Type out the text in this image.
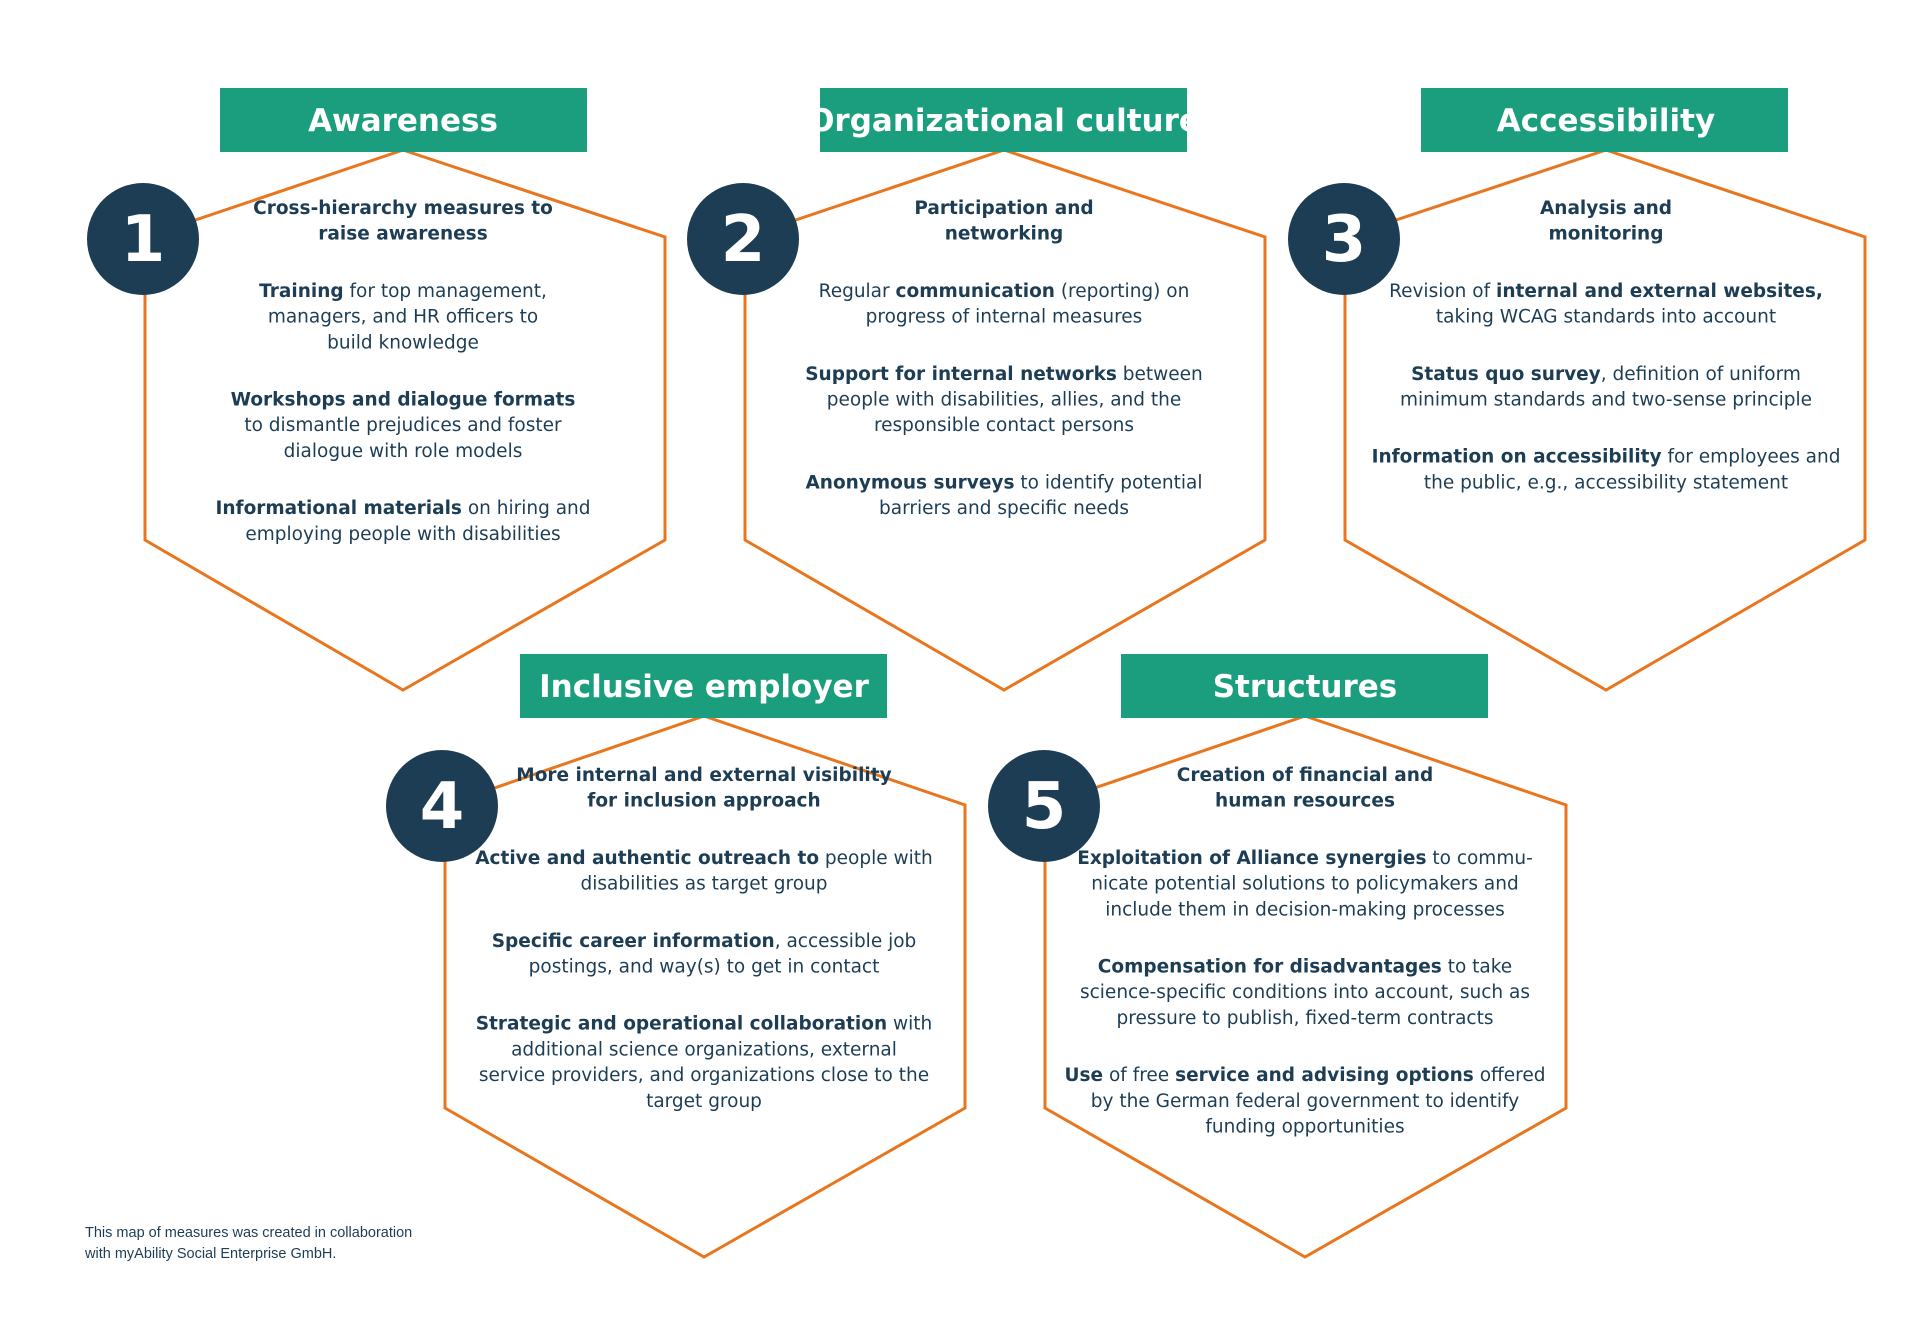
Awareness
1	Cross-hierarchy measures to raise awareness Training for top management, managers, and HR officers to build knowledge Workshops and dialogue formats to dismantle prejudices and foster dialogue with role models Informational materials on hiring and employing people with disabilities
Organizational culture
2	Participation and networking Regular communication (reporting) on progress of internal measures Support for internal networks between people with disabilities, allies, and the responsible contact persons Anonymous surveys to identify potential barriers and specific needs
Accessibility
3	Analysis and monitoring Revision of internal and external websites, taking WCAG standards into account Status quo survey, definition of uniform minimum standards and two-sense principle Information on accessibility for employees and the public, e.g., accessibility statement
Inclusive employer
4	More internal and external visibility for inclusion approach Active and authentic outreach to people with disabilities as target group Specific career information, accessible job postings, and way(s) to get in contact Strategic and operational collaboration with additional science organizations, external service providers, and organizations close to the target group
Structures
5	Creation of financial and human resources Exploitation of Alliance synergies to commu-nicate potential solutions to policymakers and include them in decision-making processes Compensation for disadvantages to take science-specific conditions into account, such as pressure to publish, fixed-term contracts Use of free service and advising options offered by the German federal government to identify funding opportunities
This map of measures was created in collaboration
with myAbility Social Enterprise GmbH.
